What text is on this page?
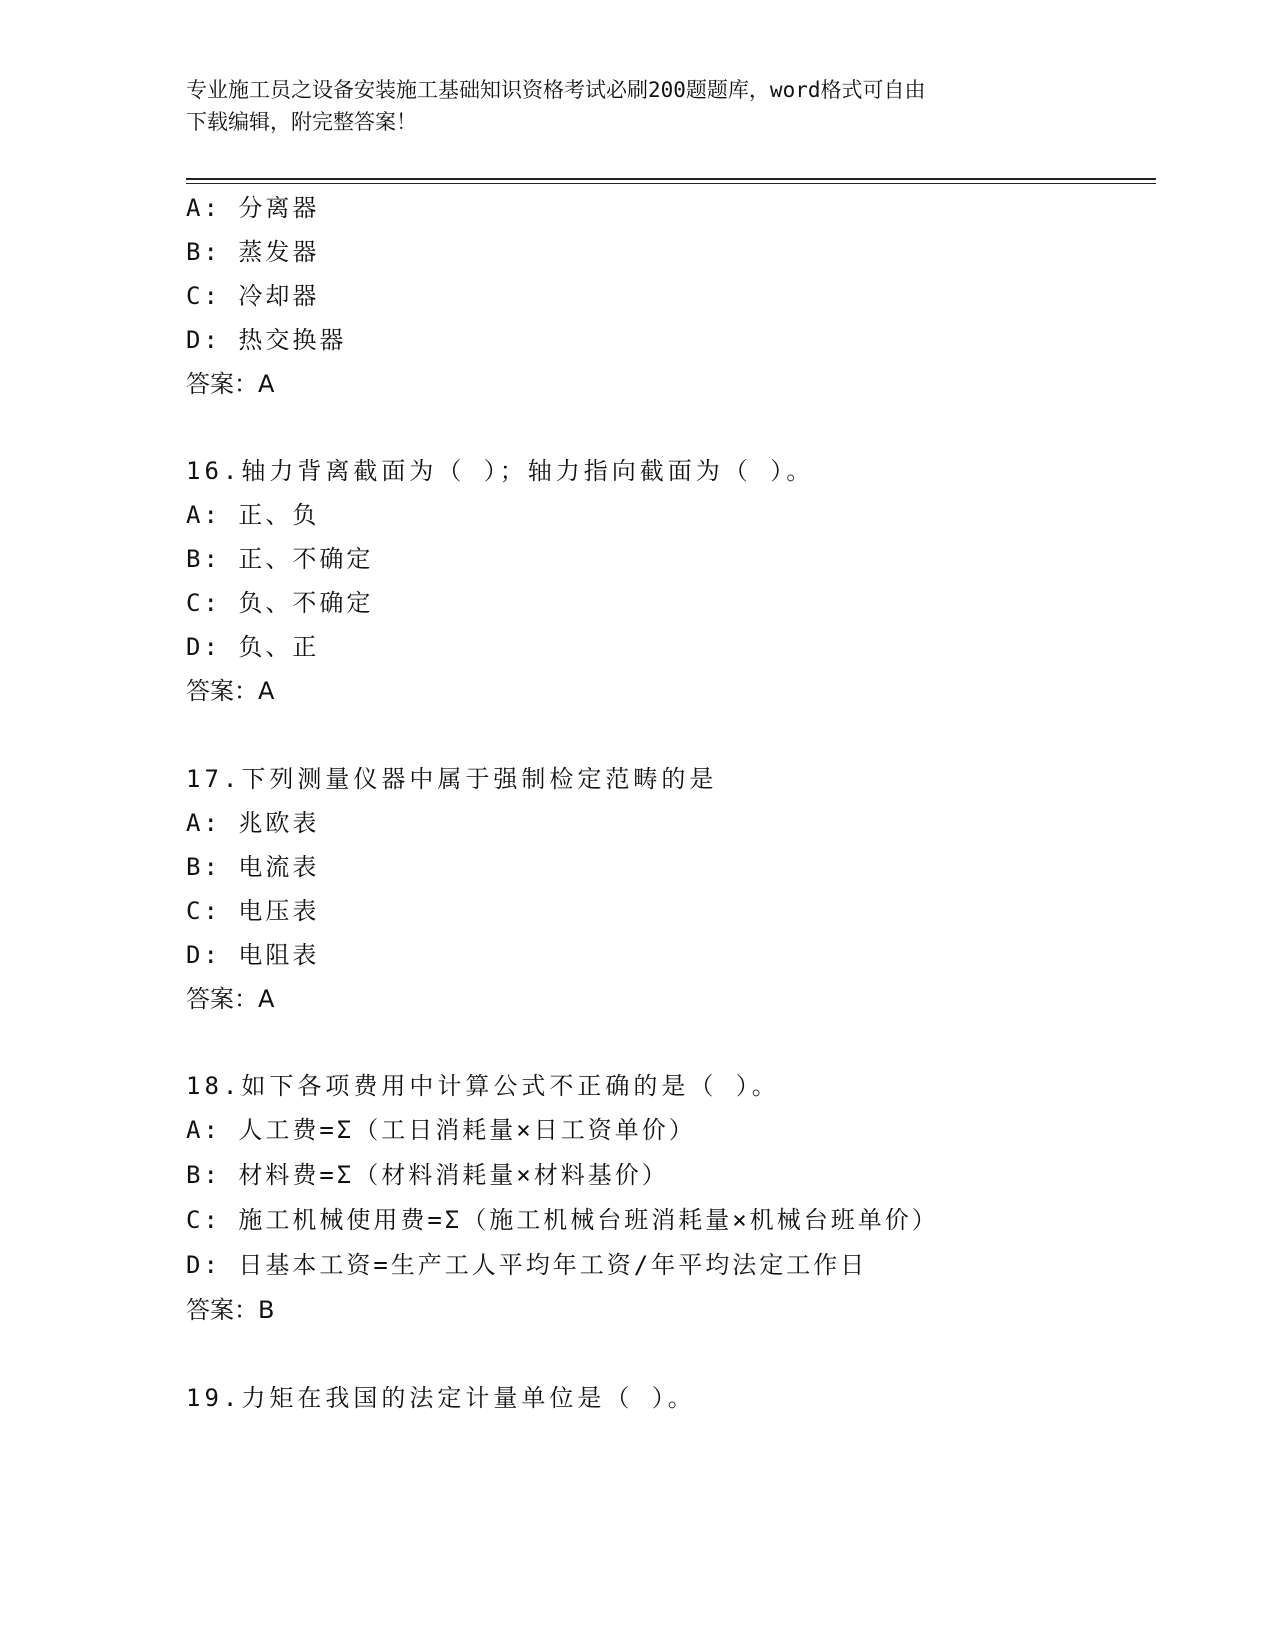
专业施工员之设备安装施工基础知识资格考试必刷200题题库，word格式可自由
下载编辑，附完整答案！
A: 分离器
B: 蒸发器
C: 冷却器
D: 热交换器
答案：A
16.轴力背离截面为（ ）；轴力指向截面为（ ）。
A: 正、负
B: 正、不确定
C: 负、不确定
D: 负、正
答案：A
17.下列测量仪器中属于强制检定范畴的是
A: 兆欧表
B: 电流表
C: 电压表
D: 电阻表
答案：A
18.如下各项费用中计算公式不正确的是（ ）。
A: 人工费=Σ（工日消耗量×日工资单价）
B: 材料费=Σ（材料消耗量×材料基价）
C: 施工机械使用费=Σ（施工机械台班消耗量×机械台班单价）
D: 日基本工资=生产工人平均年工资/年平均法定工作日
答案：B
19.力矩在我国的法定计量单位是（ ）。
